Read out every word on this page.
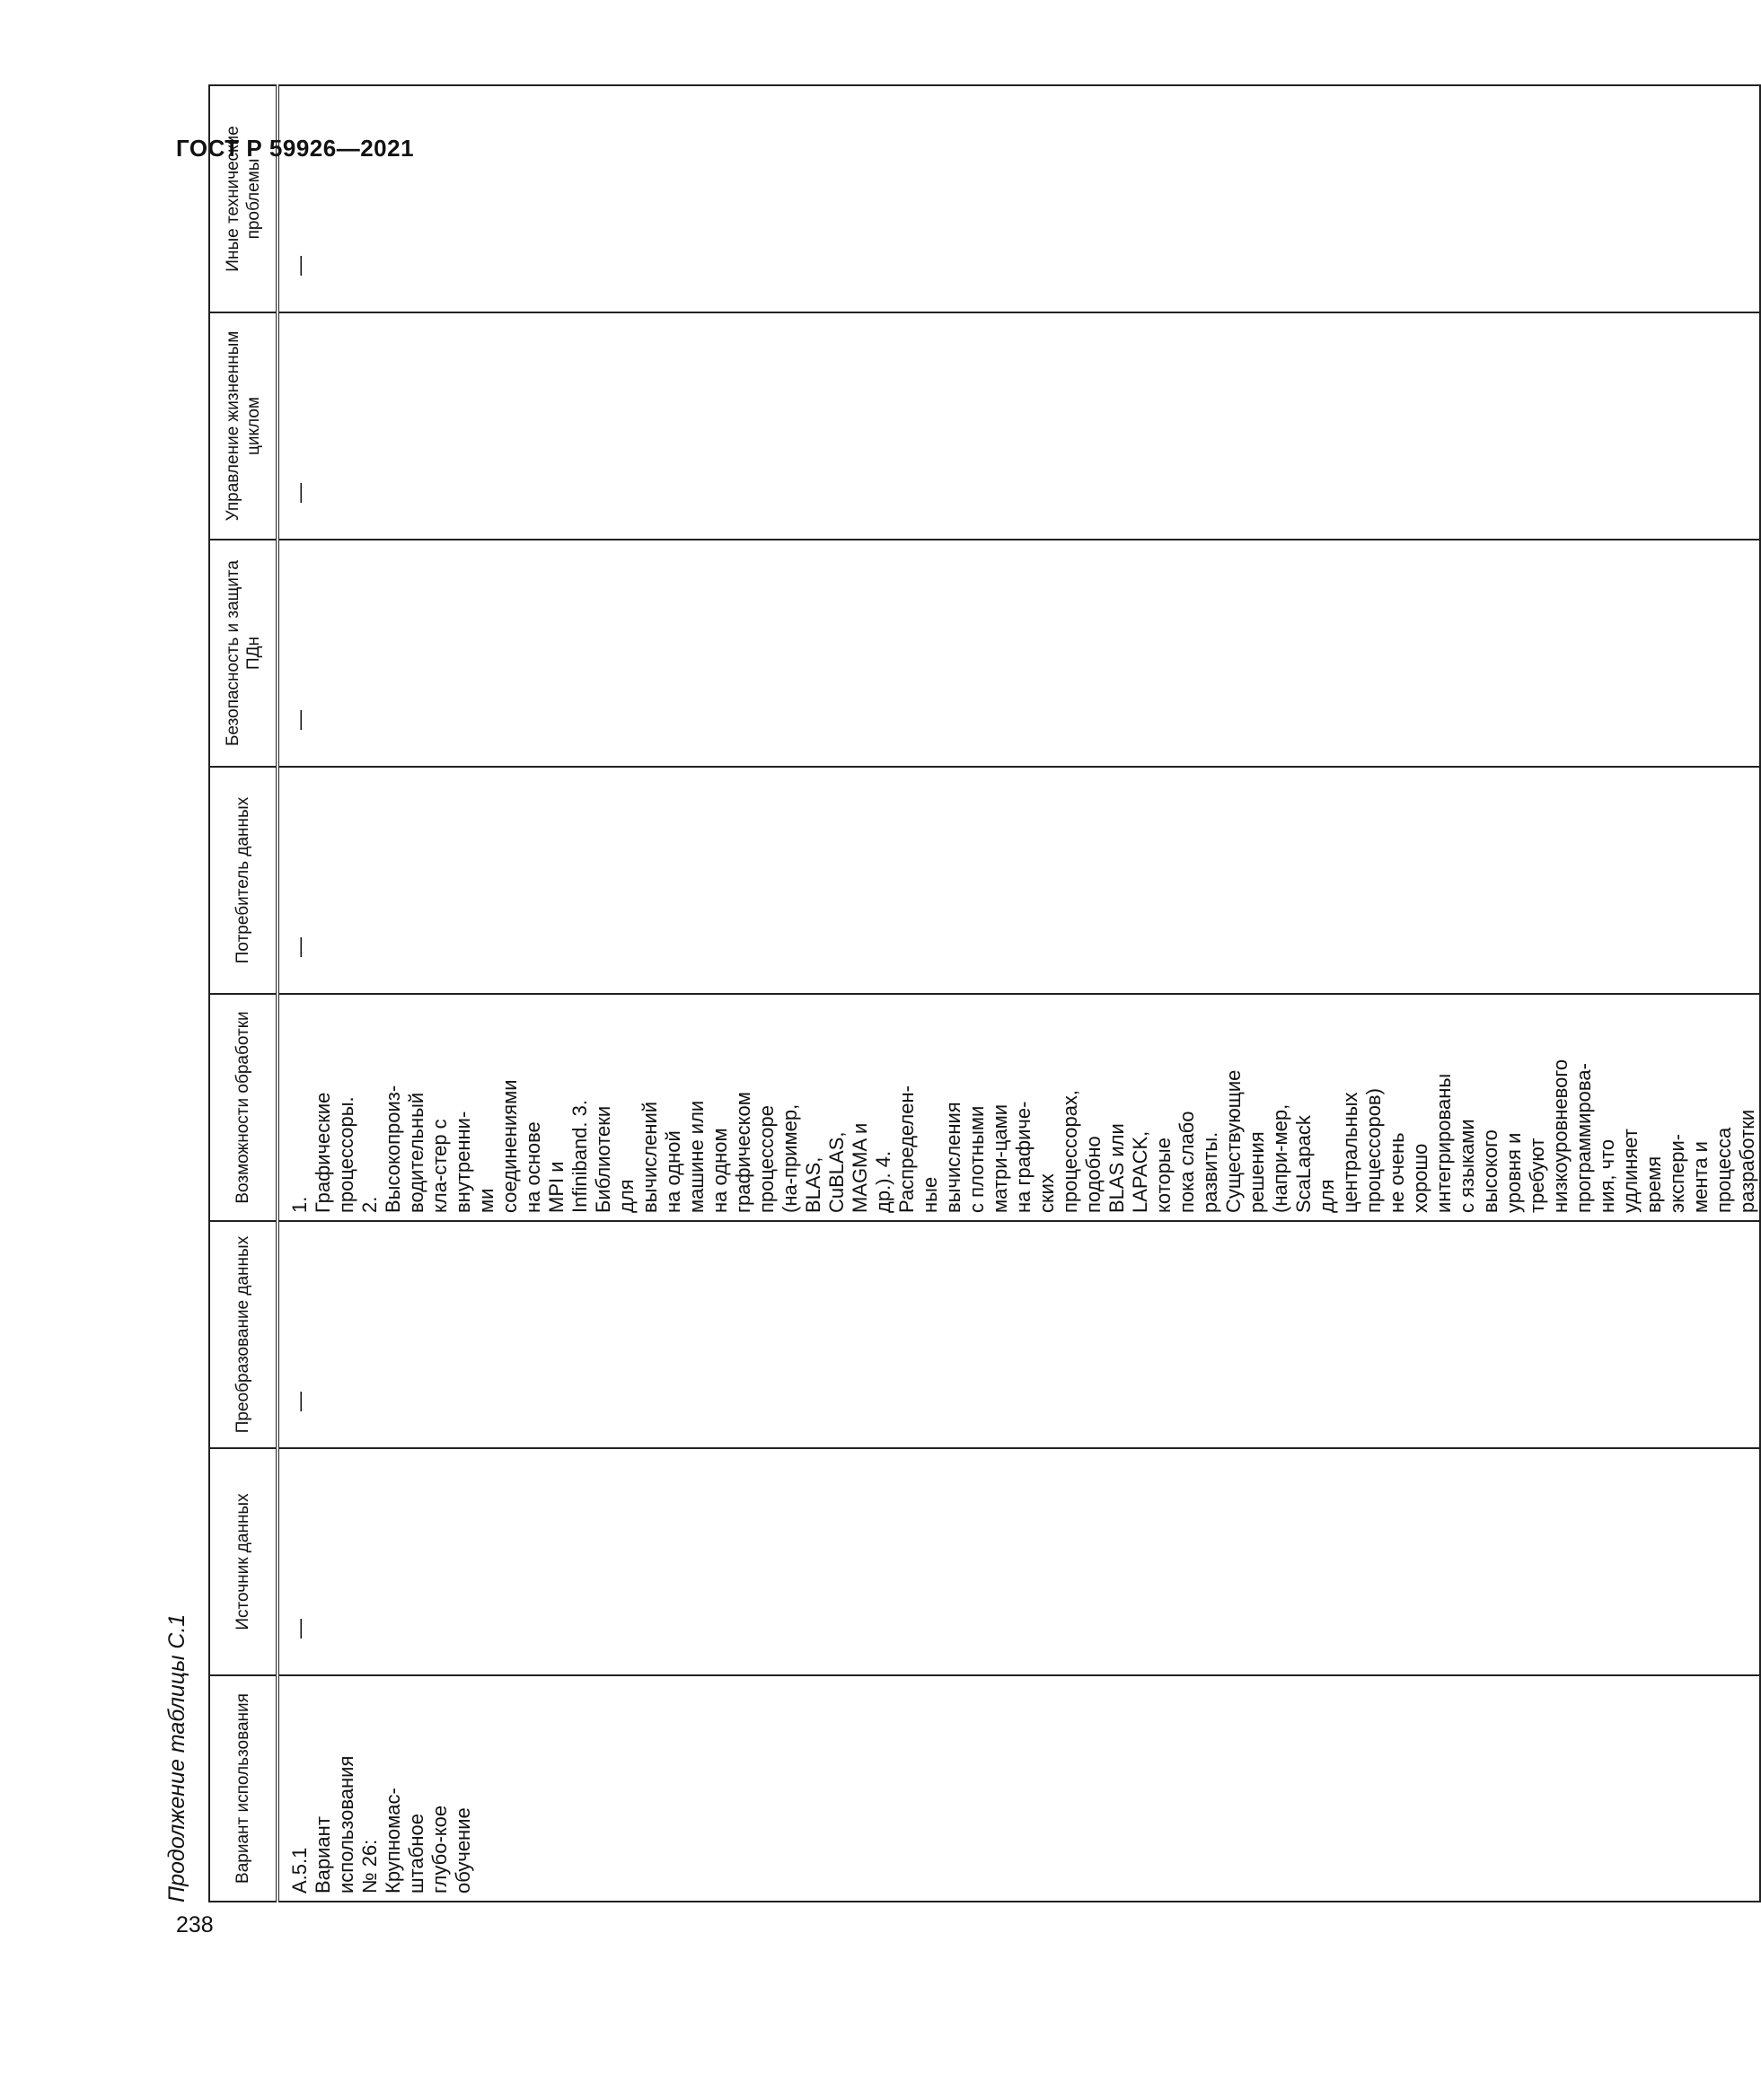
ГОСТ Р 59926—2021
Продолжение таблицы С.1	Вариант использования	Источник данных	Преобразование данных	Возможности обработки	Потребитель данных	Безопасность и защита ПДн	Управление жизненным циклом	Иные технические проблемы

А.5.1 Вариант использования № 26: Крупномас-штабное глубо-кое обучение	—	—	1. Графические процессоры. 2. Высокопроиз-водительный кла-стер с внутренни-ми соединениями на основе MPI и Infiniband. 3. Библиотеки для вычислений на одной машине или на одном графическом процессоре (на-пример, BLAS, CuBLAS, MAGMA и др.). 4. Распределен-ные вычисления с плотными матри-цами на графиче-ских процессорах, подобно BLAS или LAPACK, которые пока слабо развиты. Существующие решения (напри-мер, ScaLapack для центральных процессоров) не очень хорошо интегрированы с языками высокого уровня и требуют низкоуровневого программирова-ния, что удлиняет время экспери-мента и процесса разработки	—	—	—	—
238
